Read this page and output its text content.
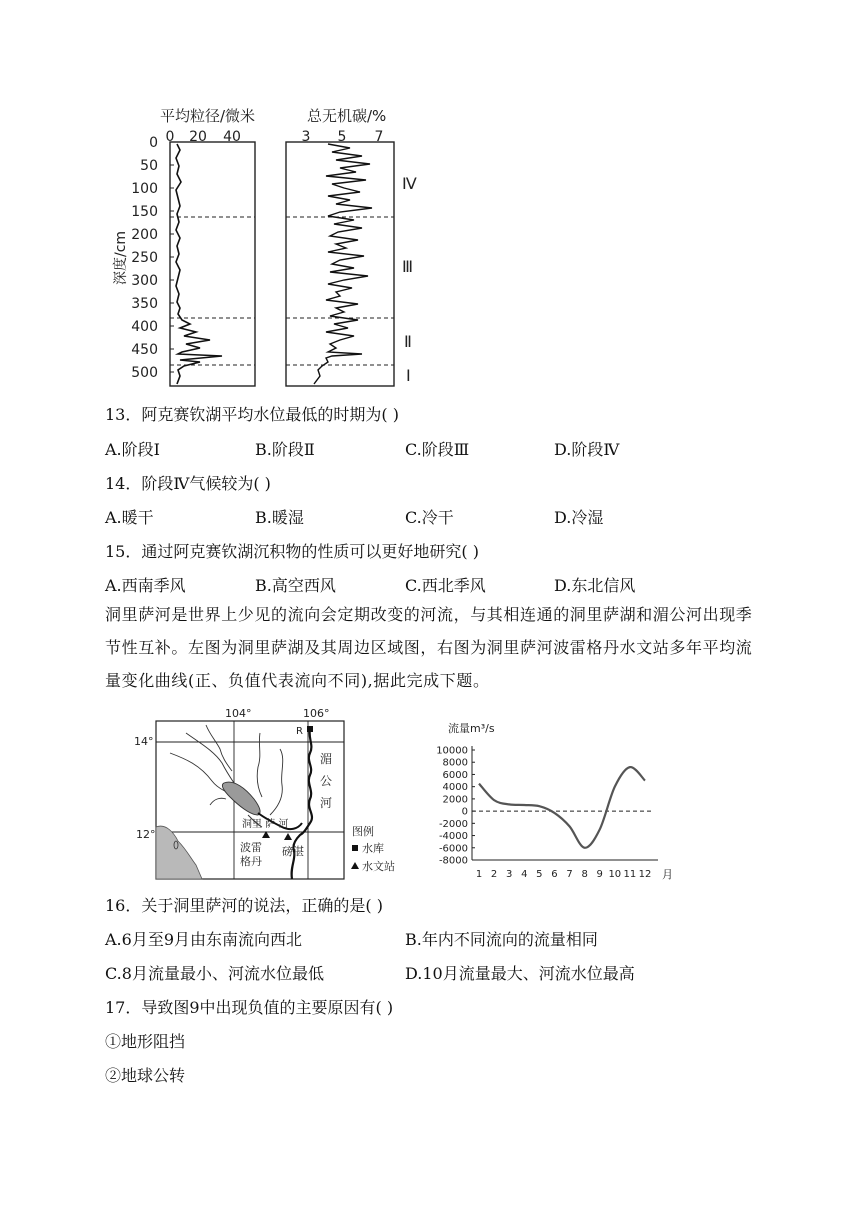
平均粒径/微米	总无机碳/%
0 20 40	3 5 7
0
50
100
150
200
250
300
350
400
450
500
深度/cm
Ⅳ
Ⅲ
Ⅱ
Ⅰ
13．阿克赛钦湖平均水位最低的时期为( )
A.阶段Ⅰ	B.阶段Ⅱ	C.阶段Ⅲ	D.阶段Ⅳ
14．阶段Ⅳ气候较为( )
A.暖干	B.暖湿	C.冷干	D.冷湿
15．通过阿克赛钦湖沉积物的性质可以更好地研究( )
A.西南季风	B.高空西风	C.西北季风	D.东北信风
洞里萨河是世界上少见的流向会定期改变的河流，与其相连通的洞里萨湖和湄公河出现季节性互补。左图为洞里萨湖及其周边区域图，右图为洞里萨河波雷格丹水文站多年平均流量变化曲线(正、负值代表流向不同),据此完成下题。
104°	106°
14°
12°
R
湄
公
河
洞里 萨 河
波雷
格丹
磅湛
图例
水库
水文站
流量m³/s
10000
8000
6000
4000
2000
0
-2000
-4000
-6000
-8000
1 2 3 4 5 6 7 8 9 10 11 12 月
16．关于洞里萨河的说法，正确的是( )
A.6月至9月由东南流向西北	B.年内不同流向的流量相同
C.8月流量最小、河流水位最低	D.10月流量最大、河流水位最高
17．导致图9中出现负值的主要原因有( )
①地形阻挡
②地球公转
